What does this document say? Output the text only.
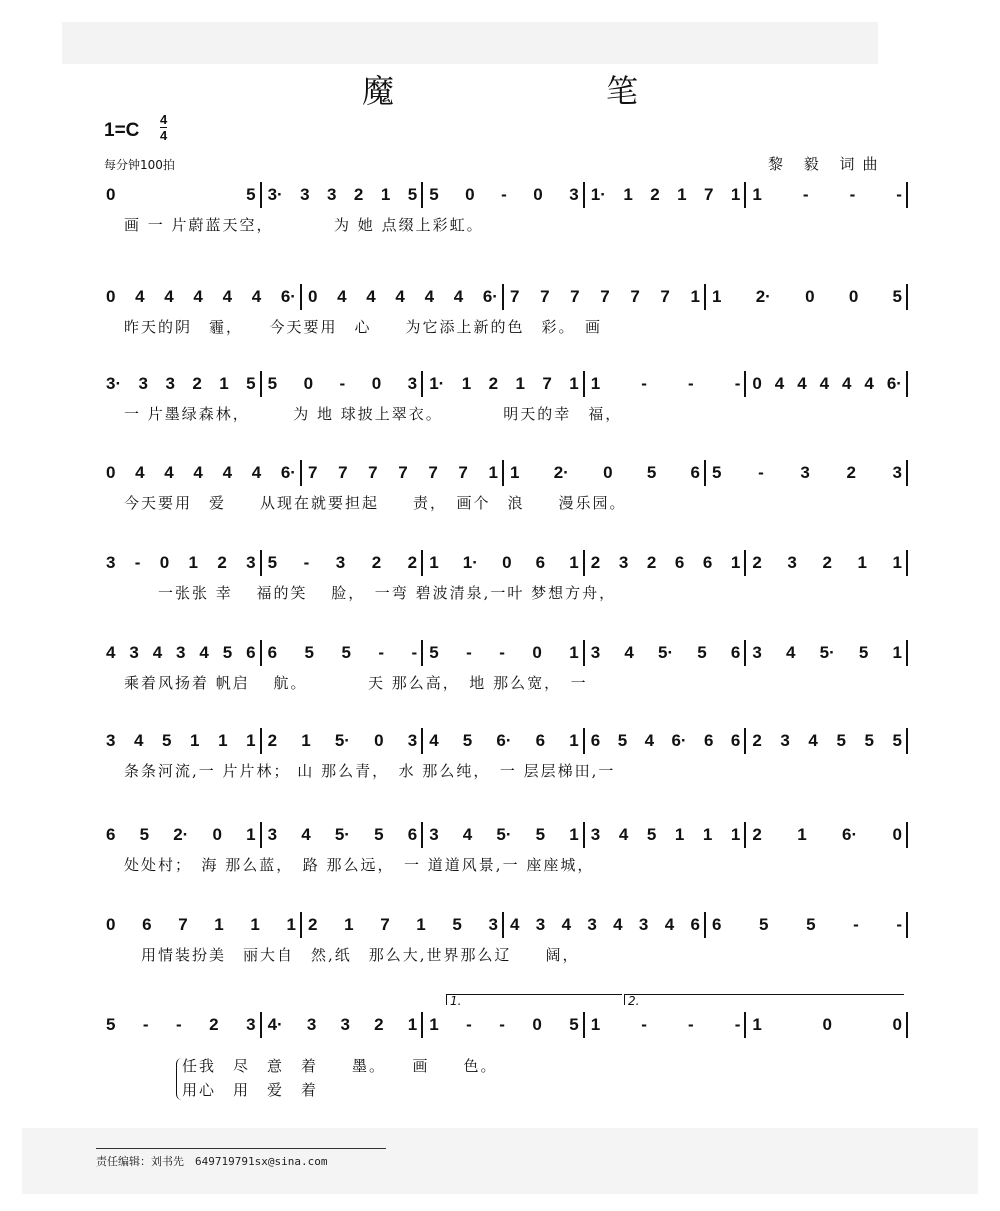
魔　笔
1=C
4
4
每分钟100拍	黎 毅 词曲
0	5 3· 3 3 2 1 5 5 0 - 0 3 1· 1 2 1 7 1 1 - - -
画 一 片蔚蓝天空，　　　　为 她 点缀上彩虹。
0 4 4 4 4 4 6· 0 4 4 4 4 4 6· 7 7 7 7 7 7 1 1 2· 0 0 5
昨天的阴　霾，　　今天要用　心　　为它添上新的色　彩。　画
3· 3 3 2 1 5 5 0 - 0 3 1· 1 2 1 7 1 1 - - - 0 4 4 4 4 4 6·
一 片墨绿森林，　　　为 地 球披上翠衣。　　　　明天的幸　福，
0 4 4 4 4 4 6· 7 7 7 7 7 7 1 1 2· 0 5 6 5 - 3 2 3
今天要用　爱　　从现在就要担起　　责，　画个　浪　　漫乐园。
3 - 0 1 2 3 5 - 3 2 2 1 1· 0 6 1 2 3 2 6 6 1 2 3 2 1 1
　　一张张 幸　 福的笑　 脸，　一弯 碧波清泉,一叶 梦想方舟，
4 3 4 3 4 5 6 6 5 5 - - 5 - - 0 1 3 4 5· 5 6 3 4 5· 5 1
乘着风扬着 帆启　 航。　　　　天 那么高，　地 那么宽，　一
3 4 5 1 1 1 2 1 5· 0 3 4 5 6· 6 1 6 5 4 6· 6 6 2 3 4 5 5 5
条条河流,一 片片林； 山 那么青，　水 那么纯，　一 层层梯田,一
6 5 2· 0 1 3 4 5· 5 6 3 4 5· 5 1 3 4 5 1 1 1 2 1 6· 0
处处村；　海 那么蓝，　路 那么远，　一 道道风景,一 座座城，
0 6 7 1 1 1 2 1 7 1 5 3 4 3 4 3 4 3 4 6 6 5 5 - -
　用情装扮美　丽大自　然,纸　那么大,世界那么辽　　阔，
5 - - 2 3 4· 3 3 2 1 1 - - 0 5 1 - - - 1	0	0
1.	2.
任我　尽　意　着　　墨。　　画　　色。
用心　用　爱　着
责任编辑：刘书先　649719791sx@sina.com
